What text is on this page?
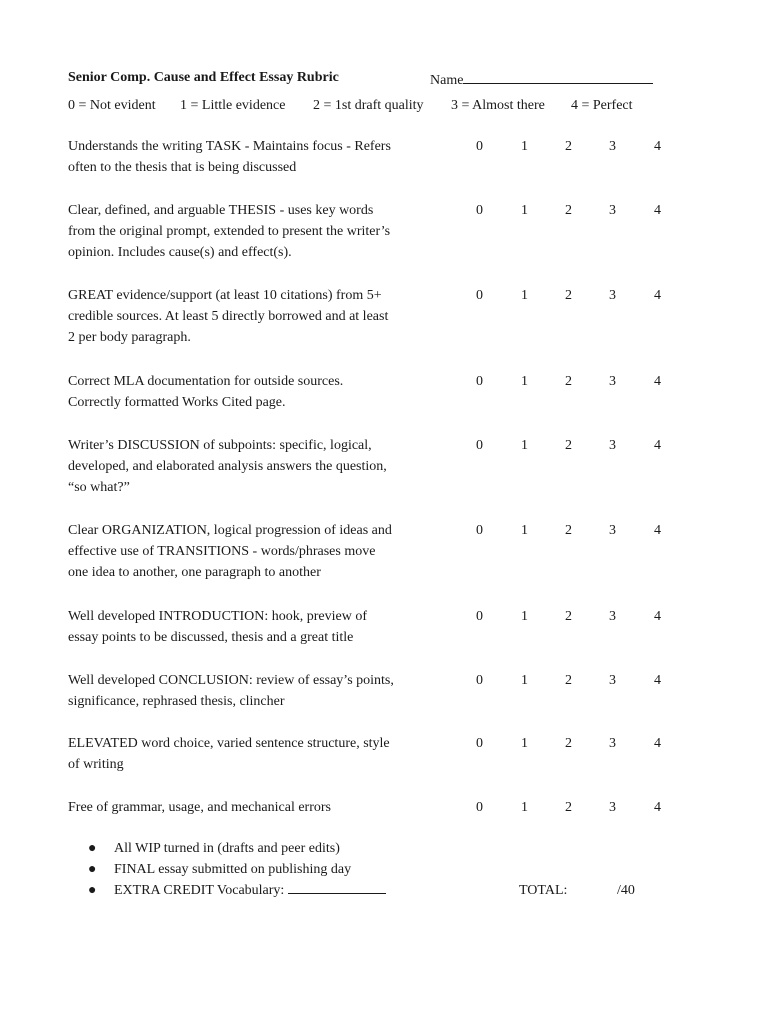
Senior Comp. Cause and Effect Essay Rubric	Name
0 = Not evident 1 = Little evidence 2 = 1st draft quality 3 = Almost there 4 = Perfect
Understands the writing TASK - Maintains focus - Refers
often to the thesis that is being discussed
0	1	2	3	4
Clear, defined, and arguable THESIS - uses key words
from the original prompt, extended to present the writer’s
opinion. Includes cause(s) and effect(s).
0	1	2	3	4
GREAT evidence/support (at least 10 citations) from 5+
credible sources. At least 5 directly borrowed and at least
2 per body paragraph.
0	1	2	3	4
Correct MLA documentation for outside sources.
Correctly formatted Works Cited page.
0	1	2	3	4
Writer’s DISCUSSION of subpoints: specific, logical,
developed, and elaborated analysis answers the question,
“so what?”
0	1	2	3	4
Clear ORGANIZATION, logical progression of ideas and
effective use of TRANSITIONS - words/phrases move
one idea to another, one paragraph to another
0	1	2	3	4
Well developed INTRODUCTION: hook, preview of
essay points to be discussed, thesis and a great title
0	1	2	3	4
Well developed CONCLUSION: review of essay’s points,
significance, rephrased thesis, clincher
0	1	2	3	4
ELEVATED word choice, varied sentence structure, style
of writing
0	1	2	3	4
Free of grammar, usage, and mechanical errors	0	1	2	3	4
● All WIP turned in (drafts and peer edits)
● FINAL essay submitted on publishing day
● EXTRA CREDIT Vocabulary:	TOTAL:	/40
